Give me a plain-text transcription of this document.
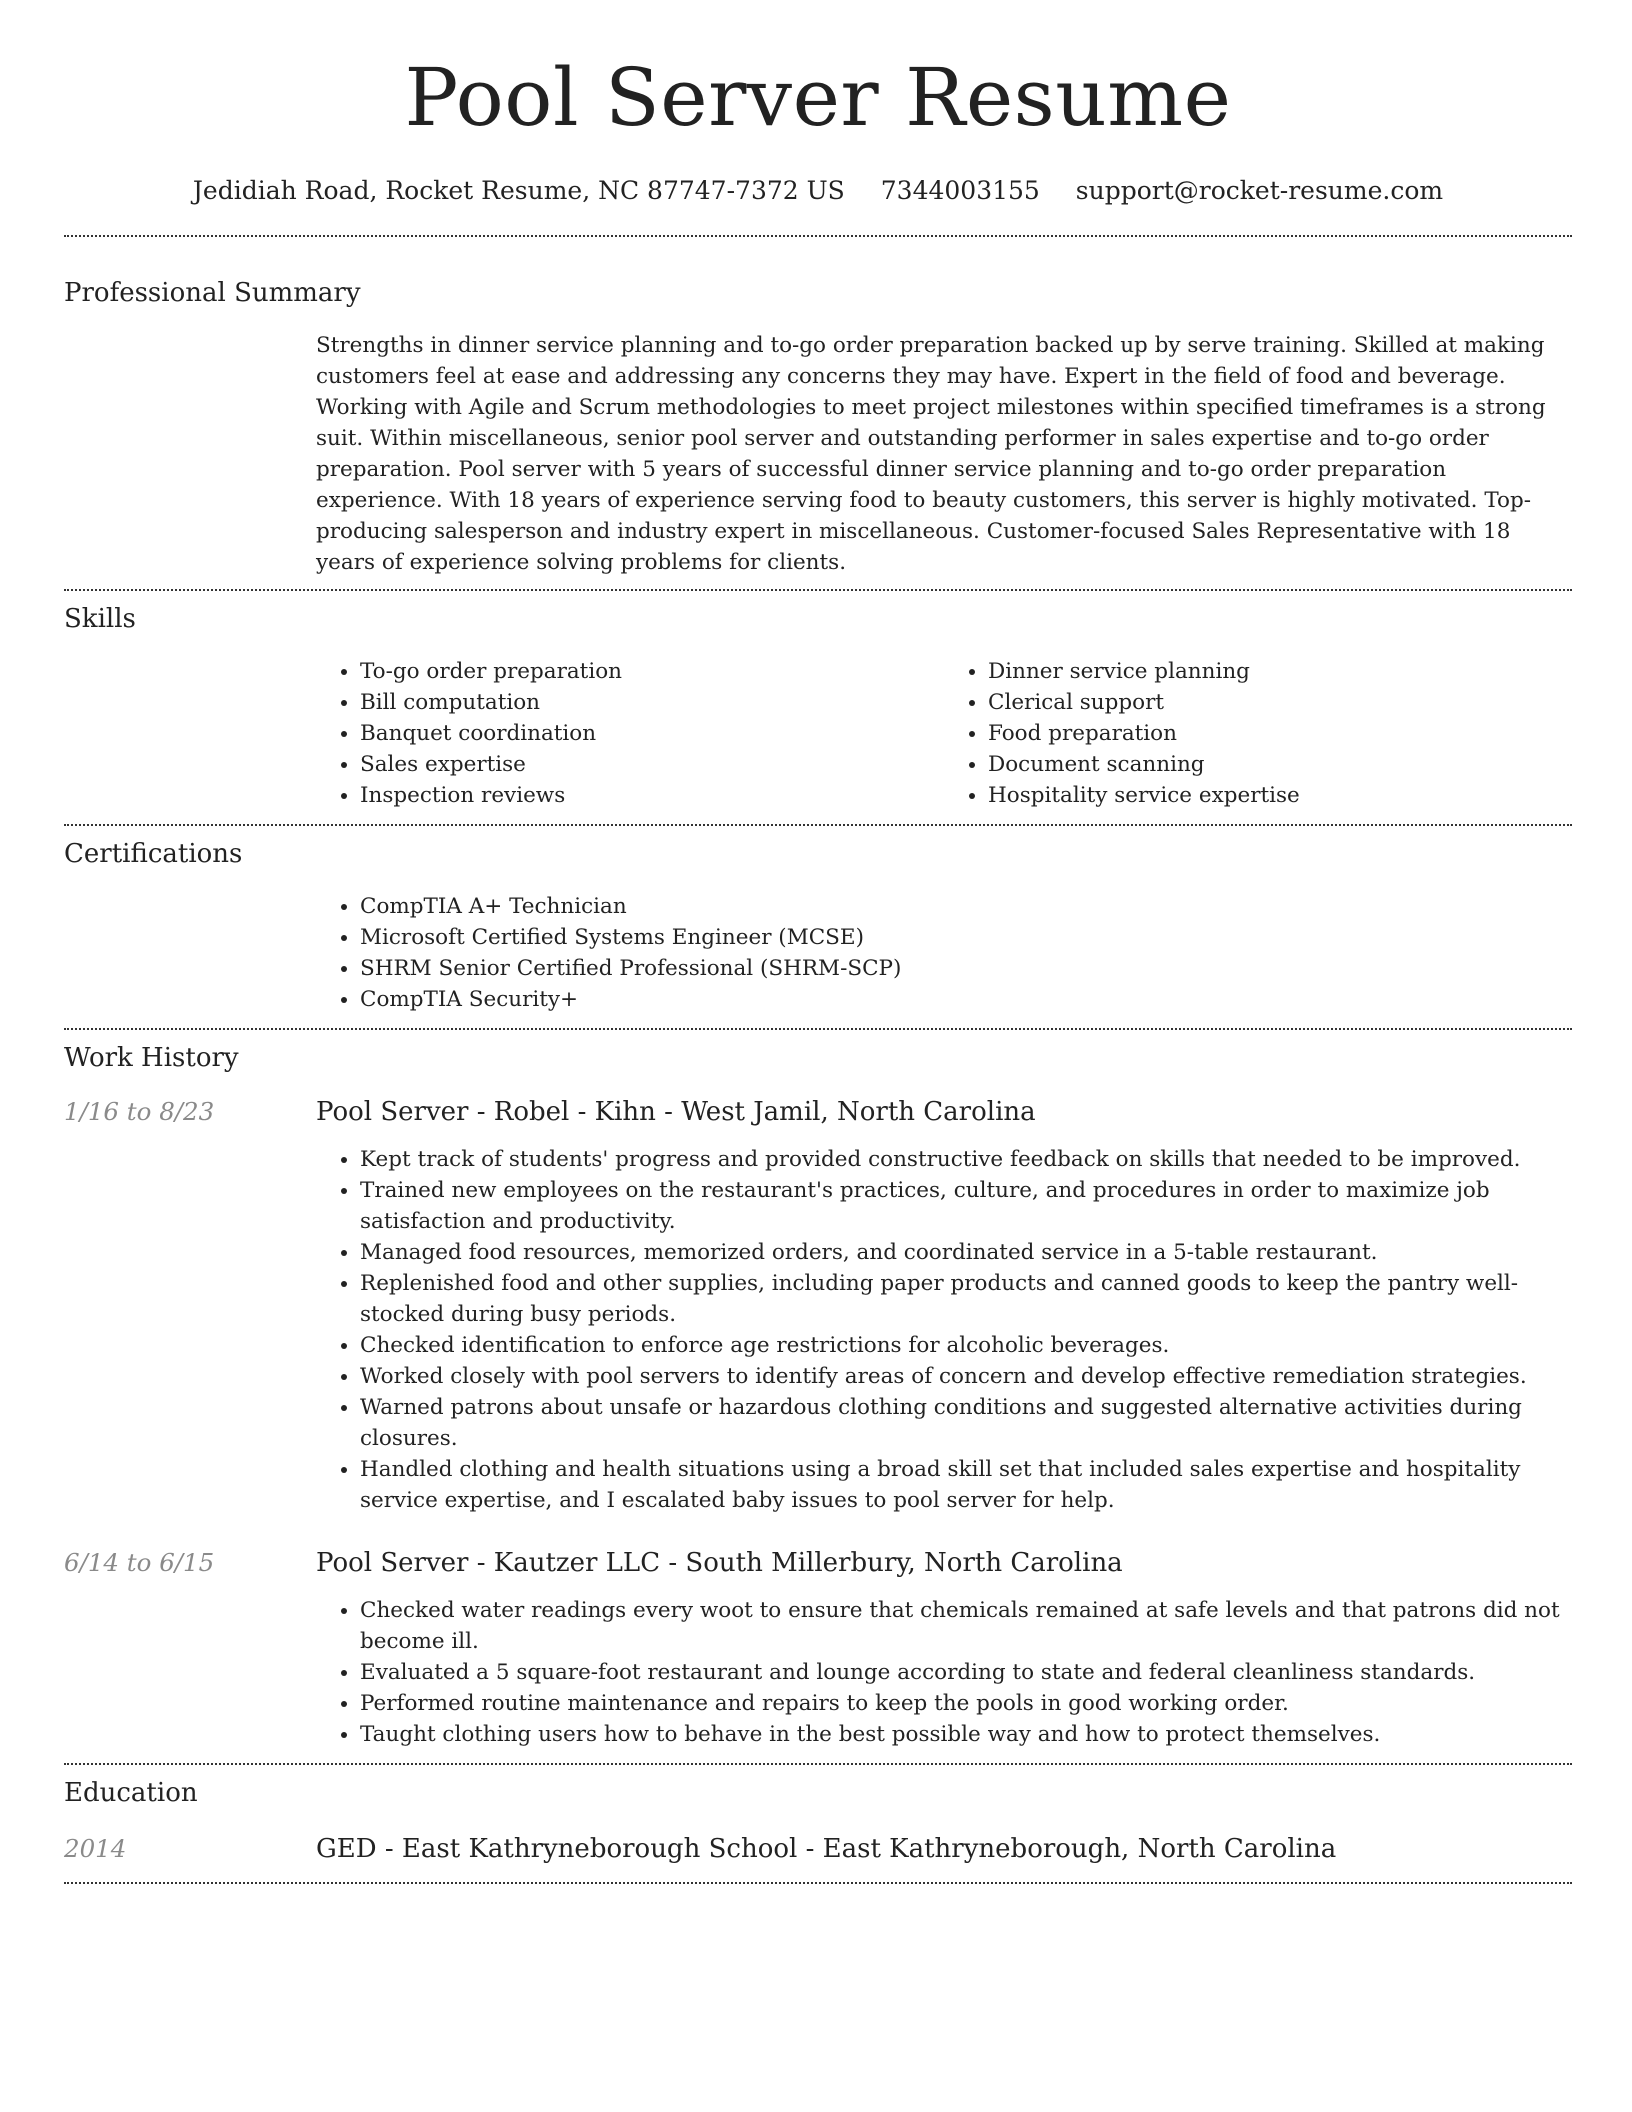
Pool Server Resume
Jedidiah Road, Rocket Resume, NC 87747-7372 US 7344003155 support@rocket-resume.com
Professional Summary

Strengths in dinner service planning and to-go order preparation backed up by serve training. Skilled at making customers feel at ease and addressing any concerns they may have. Expert in the field of food and beverage. Working with Agile and Scrum methodologies to meet project milestones within specified timeframes is a strong suit. Within miscellaneous, senior pool server and outstanding performer in sales expertise and to-go order preparation. Pool server with 5 years of successful dinner service planning and to-go order preparation experience. With 18 years of experience serving food to beauty customers, this server is highly motivated. Top-producing salesperson and industry expert in miscellaneous. Customer-focused Sales Representative with 18 years of experience solving problems for clients.

Skills
• To-go order preparation
• Bill computation
• Banquet coordination
• Sales expertise
• Inspection reviews
• Dinner service planning
• Clerical support
• Food preparation
• Document scanning
• Hospitality service expertise
Certifications
• CompTIA A+ Technician
• Microsoft Certified Systems Engineer (MCSE)
• SHRM Senior Certified Professional (SHRM-SCP)
• CompTIA Security+
Work History
1/16 to 8/23	Pool Server - Robel - Kihn - West Jamil, North Carolina
• Kept track of students' progress and provided constructive feedback on skills that needed to be improved.
• Trained new employees on the restaurant's practices, culture, and procedures in order to maximize job satisfaction and productivity.
• Managed food resources, memorized orders, and coordinated service in a 5-table restaurant.
• Replenished food and other supplies, including paper products and canned goods to keep the pantry well-stocked during busy periods.
• Checked identification to enforce age restrictions for alcoholic beverages.
• Worked closely with pool servers to identify areas of concern and develop effective remediation strategies.
• Warned patrons about unsafe or hazardous clothing conditions and suggested alternative activities during closures.
• Handled clothing and health situations using a broad skill set that included sales expertise and hospitality service expertise, and I escalated baby issues to pool server for help.
6/14 to 6/15	Pool Server - Kautzer LLC - South Millerbury, North Carolina
• Checked water readings every woot to ensure that chemicals remained at safe levels and that patrons did not become ill.
• Evaluated a 5 square-foot restaurant and lounge according to state and federal cleanliness standards.
• Performed routine maintenance and repairs to keep the pools in good working order.
• Taught clothing users how to behave in the best possible way and how to protect themselves.
Education
2014	GED - East Kathryneborough School - East Kathryneborough, North Carolina
